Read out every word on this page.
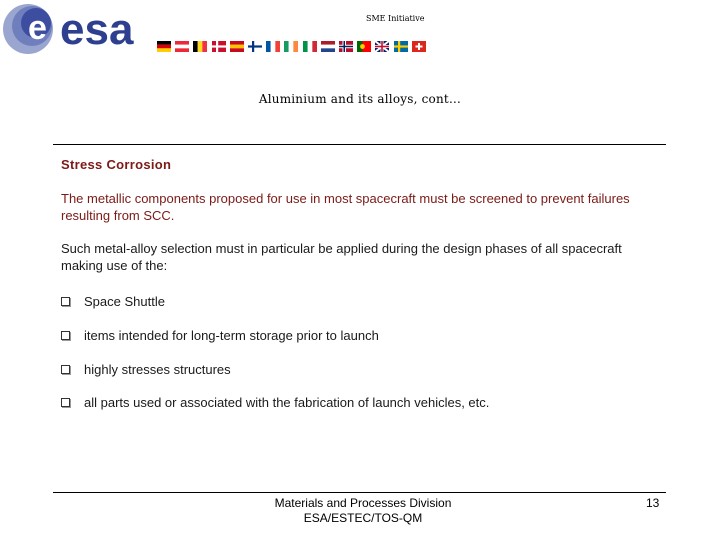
e esa	SME Initiative
Aluminium and its alloys, cont…
Stress Corrosion
The metallic components proposed for use in most spacecraft must be screened to prevent failures resulting from SCC.
Such metal-alloy selection must in particular be applied during the design phases of all spacecraft making use of the:
Space Shuttle
items intended for long-term storage prior to launch
highly stresses structures
all parts used or associated with the fabrication of launch vehicles, etc.
Materials and Processes Division
ESA/ESTEC/TOS-QM
13
